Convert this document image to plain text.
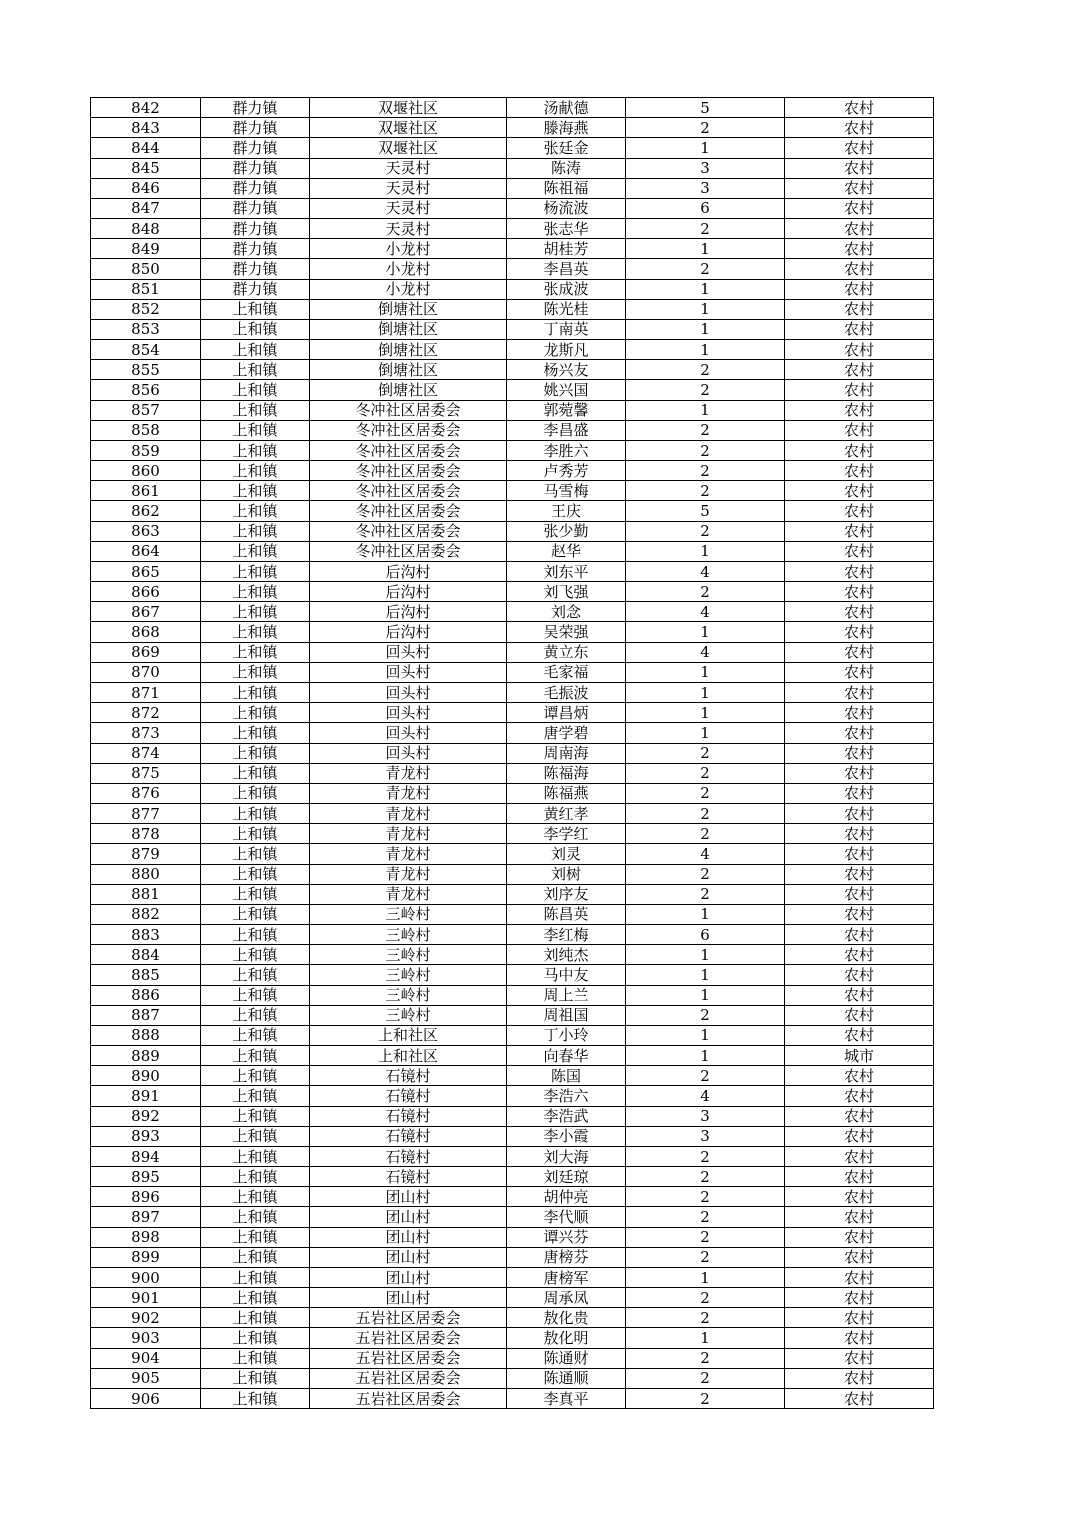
842	群力镇	双堰社区	汤献德	5	农村
843	群力镇	双堰社区	滕海燕	2	农村
844	群力镇	双堰社区	张廷金	1	农村
845	群力镇	天灵村	陈涛	3	农村
846	群力镇	天灵村	陈祖福	3	农村
847	群力镇	天灵村	杨流波	6	农村
848	群力镇	天灵村	张志华	2	农村
849	群力镇	小龙村	胡桂芳	1	农村
850	群力镇	小龙村	李昌英	2	农村
851	群力镇	小龙村	张成波	1	农村
852	上和镇	倒塘社区	陈光桂	1	农村
853	上和镇	倒塘社区	丁南英	1	农村
854	上和镇	倒塘社区	龙斯凡	1	农村
855	上和镇	倒塘社区	杨兴友	2	农村
856	上和镇	倒塘社区	姚兴国	2	农村
857	上和镇	冬冲社区居委会	郭菀馨	1	农村
858	上和镇	冬冲社区居委会	李昌盛	2	农村
859	上和镇	冬冲社区居委会	李胜六	2	农村
860	上和镇	冬冲社区居委会	卢秀芳	2	农村
861	上和镇	冬冲社区居委会	马雪梅	2	农村
862	上和镇	冬冲社区居委会	王庆	5	农村
863	上和镇	冬冲社区居委会	张少勤	2	农村
864	上和镇	冬冲社区居委会	赵华	1	农村
865	上和镇	后沟村	刘东平	4	农村
866	上和镇	后沟村	刘飞强	2	农村
867	上和镇	后沟村	刘念	4	农村
868	上和镇	后沟村	吴荣强	1	农村
869	上和镇	回头村	黄立东	4	农村
870	上和镇	回头村	毛家福	1	农村
871	上和镇	回头村	毛振波	1	农村
872	上和镇	回头村	谭昌炳	1	农村
873	上和镇	回头村	唐学碧	1	农村
874	上和镇	回头村	周南海	2	农村
875	上和镇	青龙村	陈福海	2	农村
876	上和镇	青龙村	陈福燕	2	农村
877	上和镇	青龙村	黄红孝	2	农村
878	上和镇	青龙村	李学红	2	农村
879	上和镇	青龙村	刘灵	4	农村
880	上和镇	青龙村	刘树	2	农村
881	上和镇	青龙村	刘序友	2	农村
882	上和镇	三岭村	陈昌英	1	农村
883	上和镇	三岭村	李红梅	6	农村
884	上和镇	三岭村	刘纯杰	1	农村
885	上和镇	三岭村	马中友	1	农村
886	上和镇	三岭村	周上兰	1	农村
887	上和镇	三岭村	周祖国	2	农村
888	上和镇	上和社区	丁小玲	1	农村
889	上和镇	上和社区	向春华	1	城市
890	上和镇	石镜村	陈国	2	农村
891	上和镇	石镜村	李浩六	4	农村
892	上和镇	石镜村	李浩武	3	农村
893	上和镇	石镜村	李小霞	3	农村
894	上和镇	石镜村	刘大海	2	农村
895	上和镇	石镜村	刘廷琼	2	农村
896	上和镇	团山村	胡仲亮	2	农村
897	上和镇	团山村	李代顺	2	农村
898	上和镇	团山村	谭兴芬	2	农村
899	上和镇	团山村	唐榜芬	2	农村
900	上和镇	团山村	唐榜军	1	农村
901	上和镇	团山村	周承凤	2	农村
902	上和镇	五岩社区居委会	敖化贵	2	农村
903	上和镇	五岩社区居委会	敖化明	1	农村
904	上和镇	五岩社区居委会	陈通财	2	农村
905	上和镇	五岩社区居委会	陈通顺	2	农村
906	上和镇	五岩社区居委会	李真平	2	农村
